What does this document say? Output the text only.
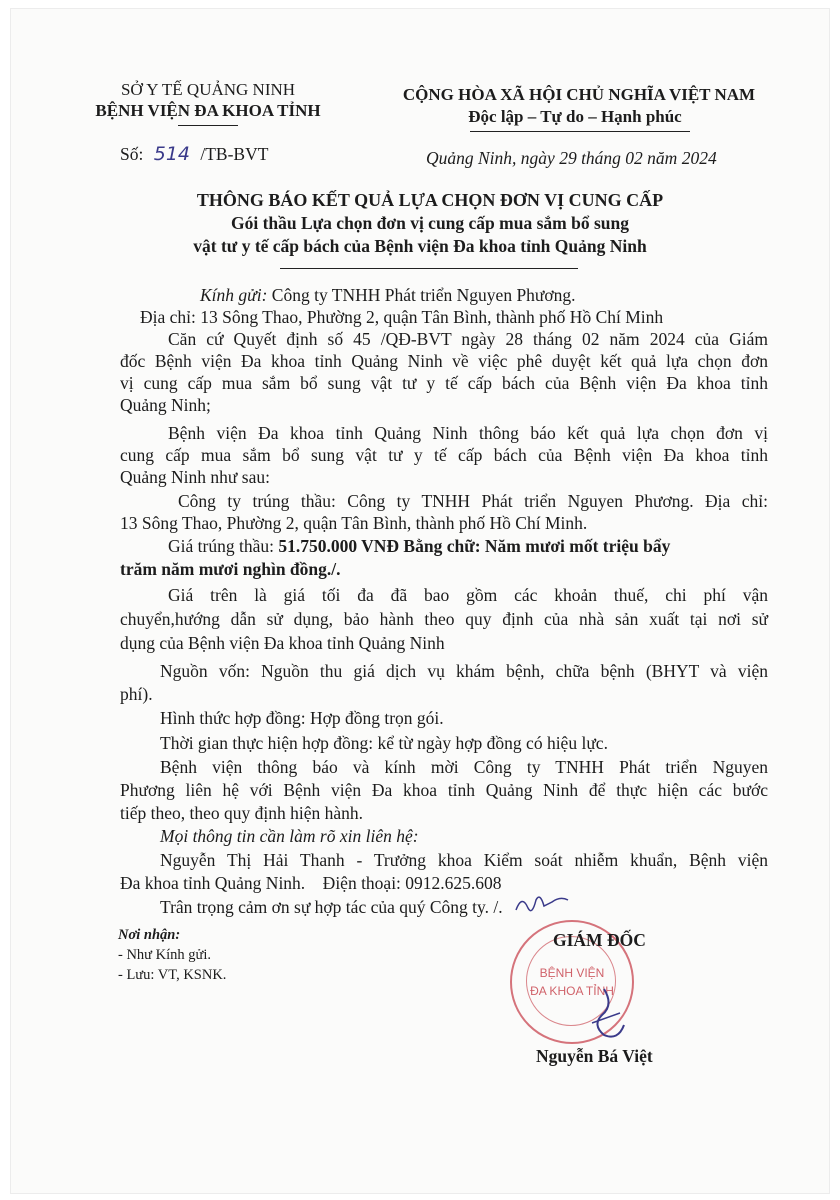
SỞ Y TẾ QUẢNG NINH
BỆNH VIỆN ĐA KHOA TỈNH
CỘNG HÒA XÃ HỘI CHỦ NGHĨA VIỆT NAM
Độc lập – Tự do – Hạnh phúc
Số: 514 /TB-BVT	Quảng Ninh, ngày 29 tháng 02 năm 2024
THÔNG BÁO KẾT QUẢ LỰA CHỌN ĐƠN VỊ CUNG CẤP
Gói thầu Lựa chọn đơn vị cung cấp mua sắm bổ sung
vật tư y tế cấp bách của Bệnh viện Đa khoa tỉnh Quảng Ninh
Kính gửi: Công ty TNHH Phát triển Nguyen Phương.
Địa chỉ: 13 Sông Thao, Phường 2, quận Tân Bình, thành phố Hồ Chí Minh
Căn cứ Quyết định số 45 /QĐ-BVT ngày 28 tháng 02 năm 2024 của Giám
đốc Bệnh viện Đa khoa tỉnh Quảng Ninh về việc phê duyệt kết quả lựa chọn đơn
vị cung cấp mua sắm bổ sung vật tư y tế cấp bách của Bệnh viện Đa khoa tỉnh
Quảng Ninh;
Bệnh viện Đa khoa tỉnh Quảng Ninh thông báo kết quả lựa chọn đơn vị
cung cấp mua sắm bổ sung vật tư y tế cấp bách của Bệnh viện Đa khoa tỉnh
Quảng Ninh như sau:
Công ty trúng thầu: Công ty TNHH Phát triển Nguyen Phương. Địa chỉ:
13 Sông Thao, Phường 2, quận Tân Bình, thành phố Hồ Chí Minh.
Giá trúng thầu: 51.750.000 VNĐ Bằng chữ: Năm mươi mốt triệu bẩy
trăm năm mươi nghìn đồng./.
Giá trên là giá tối đa đã bao gồm các khoản thuế, chi phí vận
chuyển,hướng dẫn sử dụng, bảo hành theo quy định của nhà sản xuất tại nơi sử
dụng của Bệnh viện Đa khoa tỉnh Quảng Ninh
Nguồn vốn: Nguồn thu giá dịch vụ khám bệnh, chữa bệnh (BHYT và viện
phí).
Hình thức hợp đồng: Hợp đồng trọn gói.
Thời gian thực hiện hợp đồng: kể từ ngày hợp đồng có hiệu lực.
Bệnh viện thông báo và kính mời Công ty TNHH Phát triển Nguyen
Phương liên hệ với Bệnh viện Đa khoa tỉnh Quảng Ninh để thực hiện các bước
tiếp theo, theo quy định hiện hành.
Mọi thông tin cần làm rõ xin liên hệ:
Nguyễn Thị Hải Thanh - Trưởng khoa Kiểm soát nhiễm khuẩn, Bệnh viện
Đa khoa tỉnh Quảng Ninh.    Điện thoại: 0912.625.608
Trân trọng cảm ơn sự hợp tác của quý Công ty. /.
Nơi nhận:
- Như Kính gửi.
- Lưu: VT, KSNK.	BỆNH VIỆN
ĐA KHOA TỈNH
GIÁM ĐỐC
Nguyễn Bá Việt
